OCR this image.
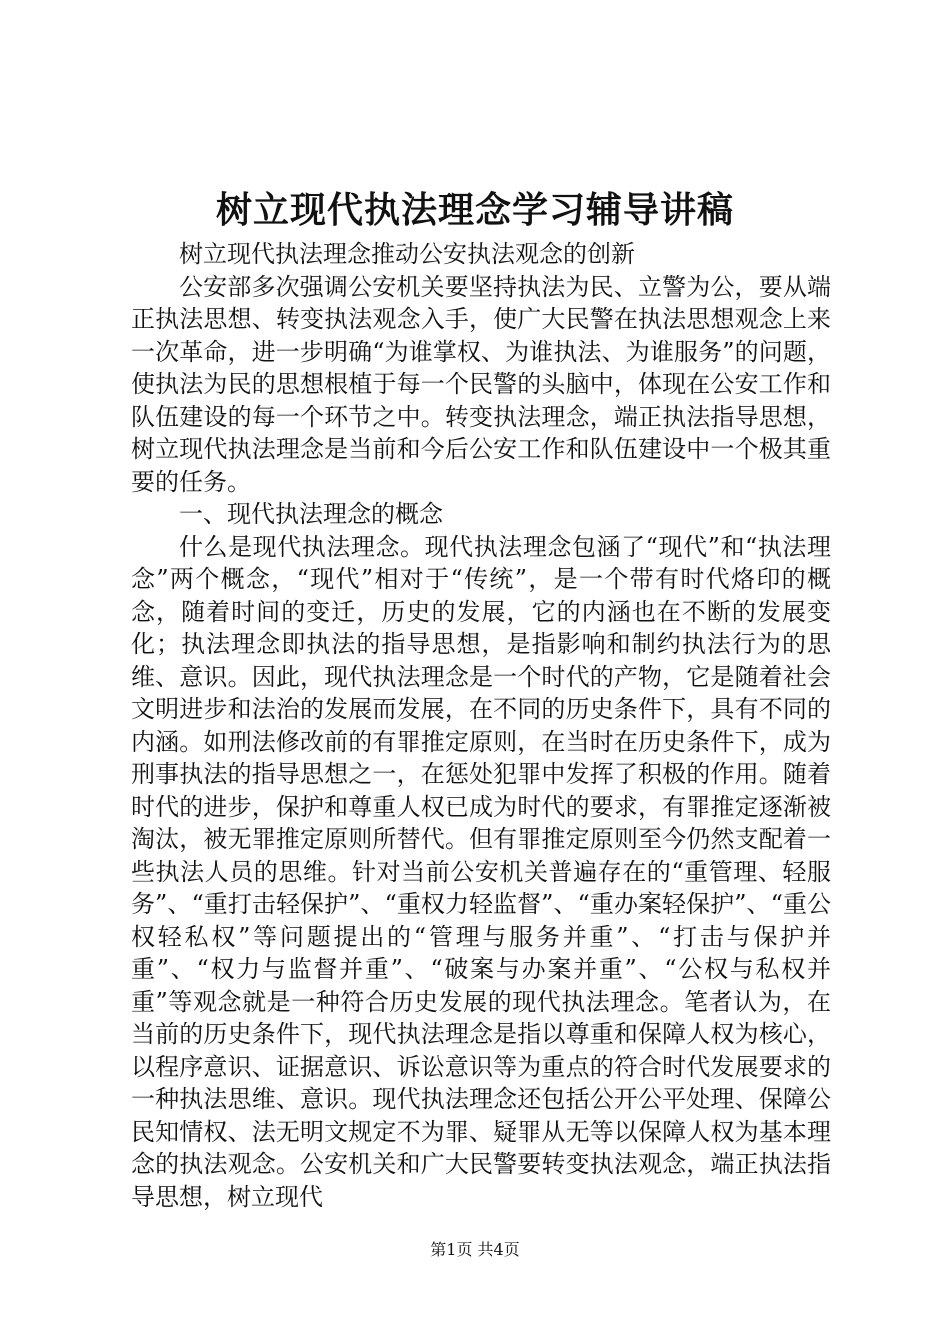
树立现代执法理念学习辅导讲稿

树立现代执法理念推动公安执法观念的创新

公安部多次强调公安机关要坚持执法为民、立警为公，要从端正执法思想、转变执法观念入手，使广大民警在执法思想观念上来一次革命，进一步明确“为谁掌权、为谁执法、为谁服务”的问题，使执法为民的思想根植于每一个民警的头脑中，体现在公安工作和队伍建设的每一个环节之中。转变执法理念，端正执法指导思想，树立现代执法理念是当前和今后公安工作和队伍建设中一个极其重要的任务。

一、现代执法理念的概念

什么是现代执法理念。现代执法理念包涵了“现代”和“执法理念”两个概念，“现代”相对于“传统”，是一个带有时代烙印的概念，随着时间的变迁，历史的发展，它的内涵也在不断的发展变化；执法理念即执法的指导思想，是指影响和制约执法行为的思维、意识。因此，现代执法理念是一个时代的产物，它是随着社会文明进步和法治的发展而发展，在不同的历史条件下，具有不同的内涵。如刑法修改前的有罪推定原则，在当时在历史条件下，成为刑事执法的指导思想之一，在惩处犯罪中发挥了积极的作用。随着时代的进步，保护和尊重人权已成为时代的要求，有罪推定逐渐被淘汰，被无罪推定原则所替代。但有罪推定原则至今仍然支配着一些执法人员的思维。针对当前公安机关普遍存在的“重管理、轻服务”、“重打击轻保护”、“重权力轻监督”、“重办案轻保护”、“重公权轻私权”等问题提出的“管理与服务并重”、“打击与保护并重”、“权力与监督并重”、“破案与办案并重”、“公权与私权并重”等观念就是一种符合历史发展的现代执法理念。笔者认为，在当前的历史条件下，现代执法理念是指以尊重和保障人权为核心，以程序意识、证据意识、诉讼意识等为重点的符合时代发展要求的一种执法思维、意识。现代执法理念还包括公开公平处理、保障公民知情权、法无明文规定不为罪、疑罪从无等以保障人权为基本理念的执法观念。公安机关和广大民警要转变执法观念，端正执法指导思想，树立现代

第1页 共4页
